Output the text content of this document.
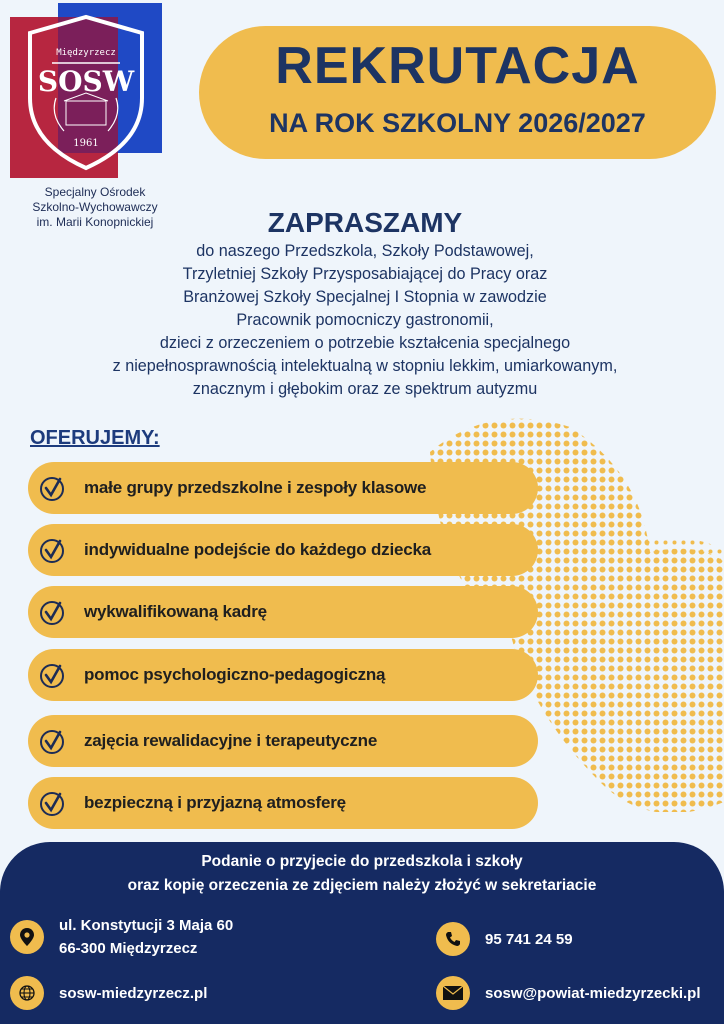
Międzyrzecz
SOSW
1961
Specjalny Ośrodek
Szkolno-Wychowawczy
im. Marii Konopnickiej
REKRUTACJA
NA ROK SZKOLNY 2026/2027
ZAPRASZAMY

do naszego Przedszkola, Szkoły Podstawowej,

Trzyletniej Szkoły Przysposabiającej do Pracy oraz

Branżowej Szkoły Specjalnej I Stopnia w zawodzie

Pracownik pomocniczy gastronomii,

dzieci z orzeczeniem o potrzebie kształcenia specjalnego

z niepełnosprawnością intelektualną w stopniu lekkim, umiarkowanym,

znacznym i głębokim oraz ze spektrum autyzmu

OFERUJEMY:
małe grupy przedszkolne i zespoły klasowe
indywidualne podejście do każdego dziecka
wykwalifikowaną kadrę
pomoc psychologiczno-pedagogiczną
zajęcia rewalidacyjne i terapeutyczne
bezpieczną i przyjazną atmosferę
Podanie o przyjecie do przedszkola i szkoły
oraz kopię orzeczenia ze zdjęciem należy złożyć w sekretariacie
ul. Konstytucji 3 Maja 60
66-300 Międzyrzecz
95 741 24 59
sosw-miedzyrzecz.pl	sosw@powiat-miedzyrzecki.pl
